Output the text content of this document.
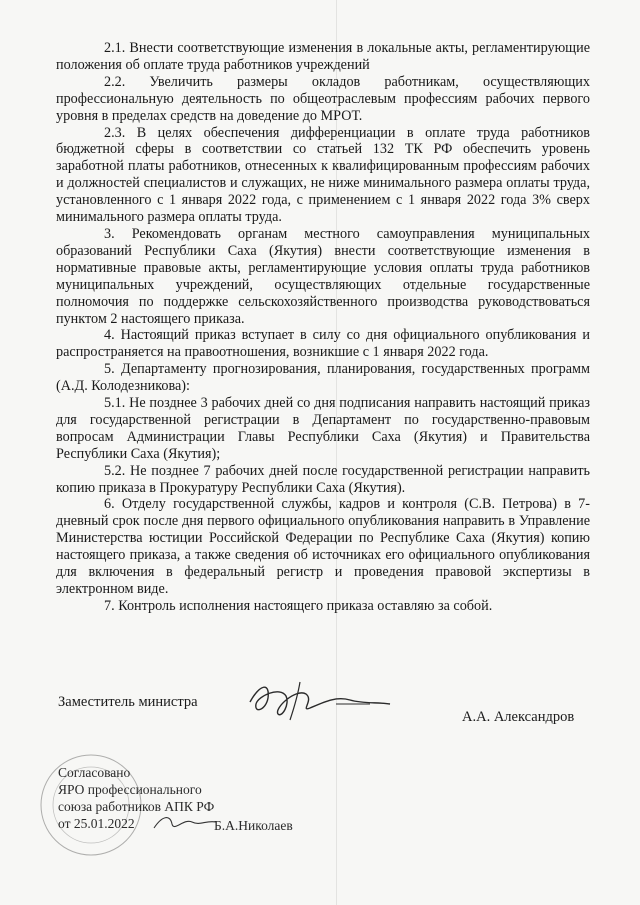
2.1. Внести соответствующие изменения в локальные акты, регламентирующие положения об оплате труда работников учреждений

2.2. Увеличить размеры окладов работникам, осуществляющих профессиональную деятельность по общеотраслевым профессиям рабочих первого уровня в пределах средств на доведение до МРОТ.

2.3. В целях обеспечения дифференциации в оплате труда работников бюджетной сферы в соответствии со статьей 132 ТК РФ обеспечить уровень заработной платы работников, отнесенных к квалифицированным профессиям рабочих и должностей специалистов и служащих, не ниже минимального размера оплаты труда, установленного с 1 января 2022 года, с применением с 1 января 2022 года 3% сверх минимального размера оплаты труда.

3. Рекомендовать органам местного самоуправления муниципальных образований Республики Саха (Якутия) внести соответствующие изменения в нормативные правовые акты, регламентирующие условия оплаты труда работников муниципальных учреждений, осуществляющих отдельные государственные полномочия по поддержке сельскохозяйственного производства руководствоваться пунктом 2 настоящего приказа.

4. Настоящий приказ вступает в силу со дня официального опубликования и распространяется на правоотношения, возникшие с 1 января 2022 года.

5. Департаменту прогнозирования, планирования, государственных программ (А.Д. Колодезникова):

5.1. Не позднее 3 рабочих дней со дня подписания направить настоящий приказ для государственной регистрации в Департамент по государственно-правовым вопросам Администрации Главы Республики Саха (Якутия) и Правительства Республики Саха (Якутия);

5.2. Не позднее 7 рабочих дней после государственной регистрации направить копию приказа в Прокуратуру Республики Саха (Якутия).

6. Отделу государственной службы, кадров и контроля (С.В. Петрова) в 7-дневный срок после дня первого официального опубликования направить в Управление Министерства юстиции Российской Федерации по Республике Саха (Якутия) копию настоящего приказа, а также сведения об источниках его официального опубликования для включения в федеральный регистр и проведения правовой экспертизы в электронном виде.

7. Контроль исполнения настоящего приказа оставляю за собой.

Заместитель министра
А.А. Александров
Согласовано
ЯРО профессионального
союза работников АПК РФ
от 25.01.2022	Б.А.Николаев
